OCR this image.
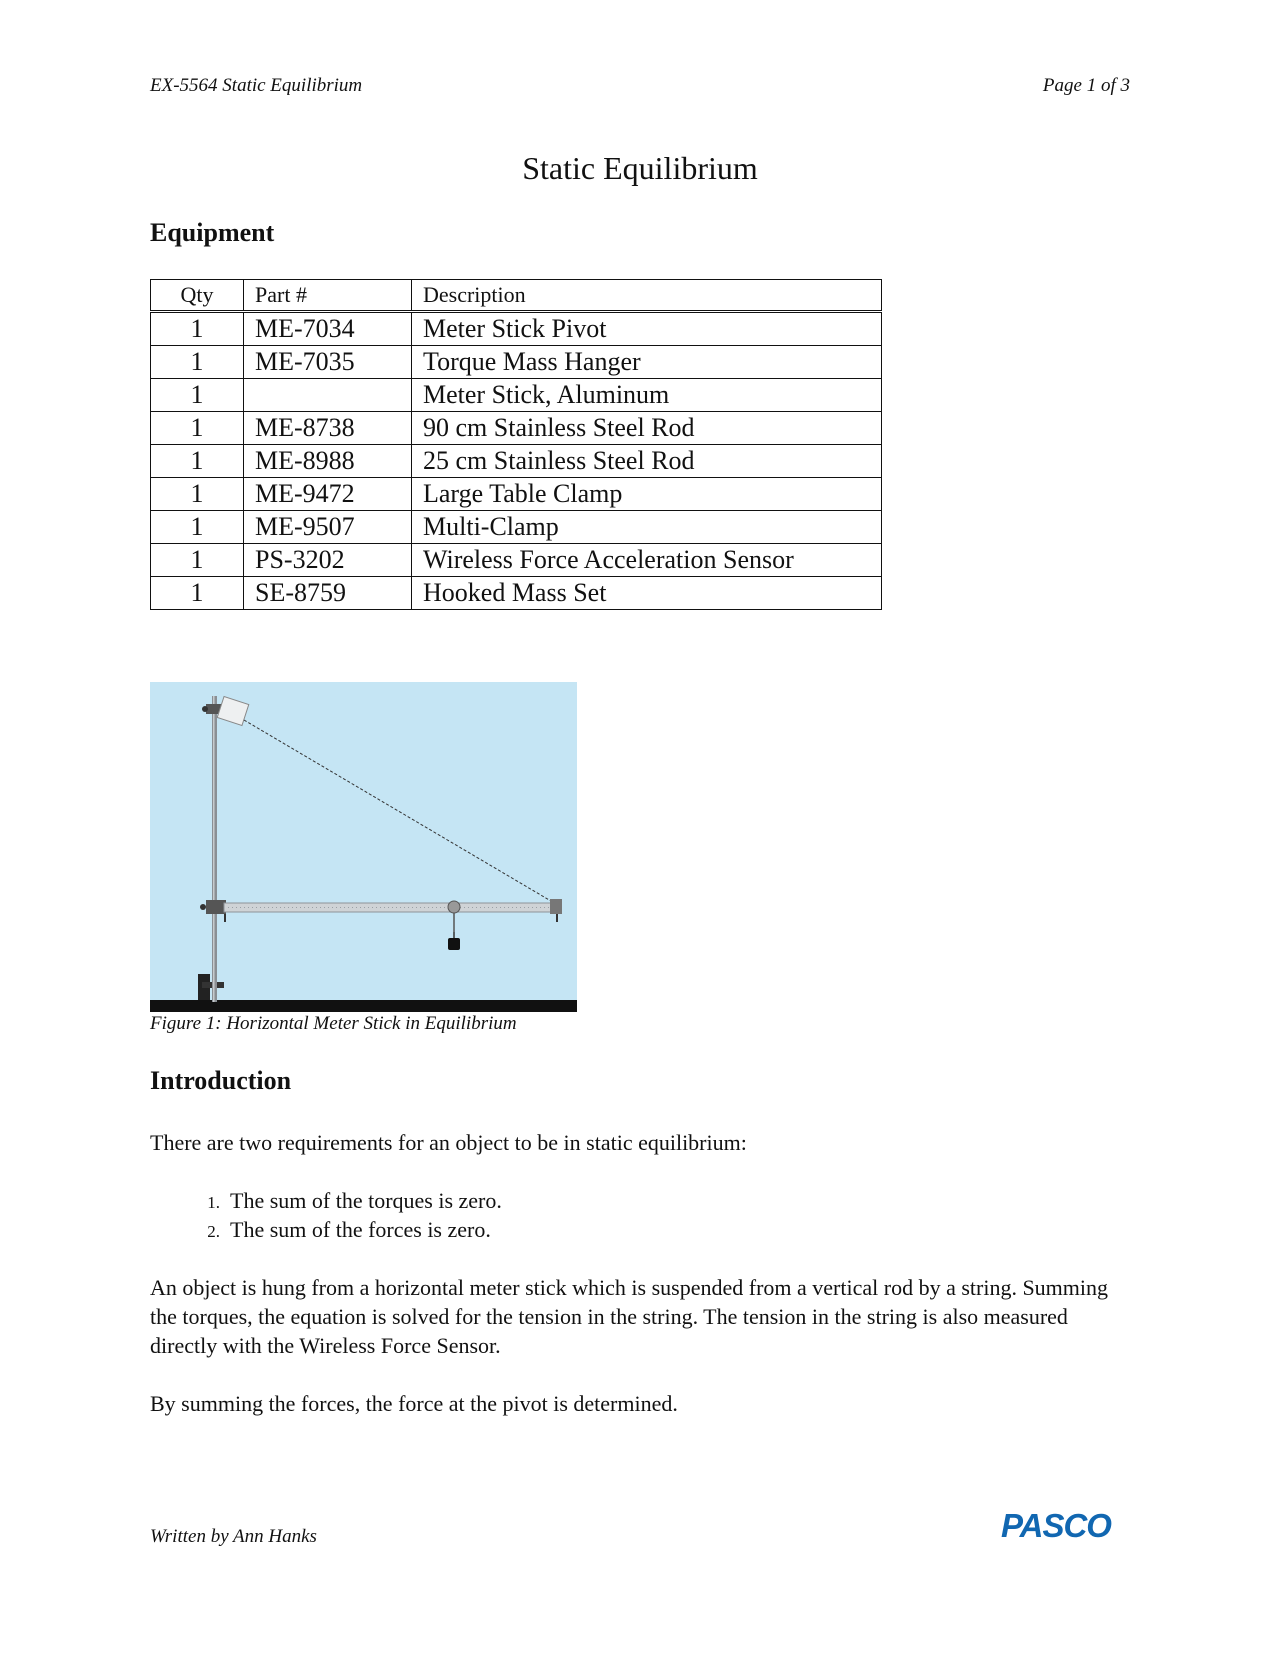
EX-5564 Static Equilibrium	Page 1 of 3
Static Equilibrium
Equipment
Qty	Part #	Description
1	ME-7034	Meter Stick Pivot
1	ME-7035	Torque Mass Hanger
1		Meter Stick, Aluminum
1	ME-8738	90 cm Stainless Steel Rod
1	ME-8988	25 cm Stainless Steel Rod
1	ME-9472	Large Table Clamp
1	ME-9507	Multi-Clamp
1	PS-3202	Wireless Force Acceleration Sensor
1	SE-8759	Hooked Mass Set
Figure 1: Horizontal Meter Stick in Equilibrium
Introduction
There are two requirements for an object to be in static equilibrium:
1. The sum of the torques is zero.
2. The sum of the forces is zero.
An object is hung from a horizontal meter stick which is suspended from a vertical rod by a string. Summing the torques, the equation is solved for the tension in the string. The tension in the string is also measured directly with the Wireless Force Sensor.
By summing the forces, the force at the pivot is determined.
Written by Ann Hanks	PASCO
